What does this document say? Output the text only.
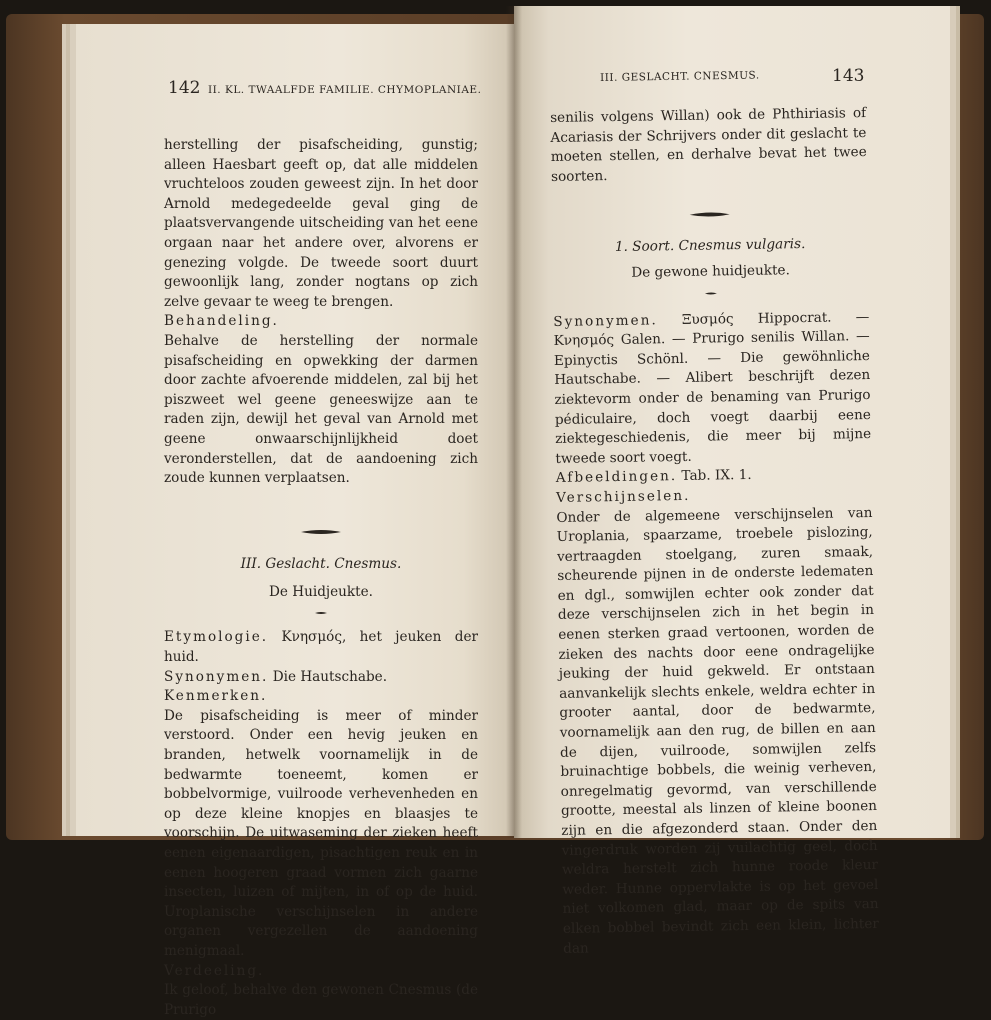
142 II. KL. TWAALFDE FAMILIE. CHYMOPLANIAE.

herstelling der pisafscheiding, gunstig; alleen Haesbart geeft op, dat alle middelen vruchteloos zouden geweest zijn. In het door Arnold medegedeelde geval ging de plaatsvervangende uitscheiding van het eene orgaan naar het andere over, alvorens er genezing volgde. De tweede soort duurt gewoonlijk lang, zonder nogtans op zich zelve gevaar te weeg te brengen.

Behandeling.

Behalve de herstelling der normale pisafscheiding en opwekking der darmen door zachte afvoerende middelen, zal bij het piszweet wel geene geneeswijze aan te raden zijn, dewijl het geval van Arnold met geene onwaarschijnlijkheid doet veronderstellen, dat de aandoening zich zoude kunnen verplaatsen.

III. Geslacht. Cnesmus.

De Huidjeukte.

Etymologie. Κνησμός, het jeuken der huid.

Synonymen. Die Hautschabe.

Kenmerken.

De pisafscheiding is meer of minder verstoord. Onder een hevig jeuken en branden, hetwelk voornamelijk in de bedwarmte toeneemt, komen er bobbelvormige, vuilroode verhevenheden en op deze kleine knopjes en blaasjes te voorschijn. De uitwaseming der zieken heeft eenen eigenaardigen, pisachtigen reuk en in eenen hoogeren graad vormen zich gaarne insecten, luizen of mijten, in of op de huid. Uroplanische verschijnselen in andere organen vergezellen de aandoening menigmaal.

Verdeeling.

Ik geloof, behalve den gewonen Cnesmus (de Prurigo

III. GESLACHT. CNESMUS.	143

senilis volgens Willan) ook de Phthiriasis of Acariasis der Schrijvers onder dit geslacht te moeten stellen, en derhalve bevat het twee soorten.

1. Soort. Cnesmus vulgaris.

De gewone huidjeukte.

Synonymen. Ξυσμός Hippocrat. — Κνησμός Galen. — Prurigo senilis Willan. — Epinyctis Schönl. — Die gewöhnliche Hautschabe. — Alibert beschrijft dezen ziektevorm onder de benaming van Prurigo pédiculaire, doch voegt daarbij eene ziektegeschiedenis, die meer bij mijne tweede soort voegt.

Afbeeldingen. Tab. IX. 1.

Verschijnselen.

Onder de algemeene verschijnselen van Uroplania, spaarzame, troebele pislozing, vertraagden stoelgang, zuren smaak, scheurende pijnen in de onderste ledematen en dgl., somwijlen echter ook zonder dat deze verschijnselen zich in het begin in eenen sterken graad vertoonen, worden de zieken des nachts door eene ondragelijke jeuking der huid gekweld. Er ontstaan aanvankelijk slechts enkele, weldra echter in grooter aantal, door de bedwarmte, voornamelijk aan den rug, de billen en aan de dijen, vuilroode, somwijlen zelfs bruinachtige bobbels, die weinig verheven, onregelmatig gevormd, van verschillende grootte, meestal als linzen of kleine boonen zijn en die afgezonderd staan. Onder den vingerdruk worden zij vuilachtig geel, doch weldra herstelt zich hunne roode kleur weder. Hunne oppervlakte is op het gevoel niet volkomen glad, maar op de spits van elken bobbel bevindt zich een klein, lichter dan
